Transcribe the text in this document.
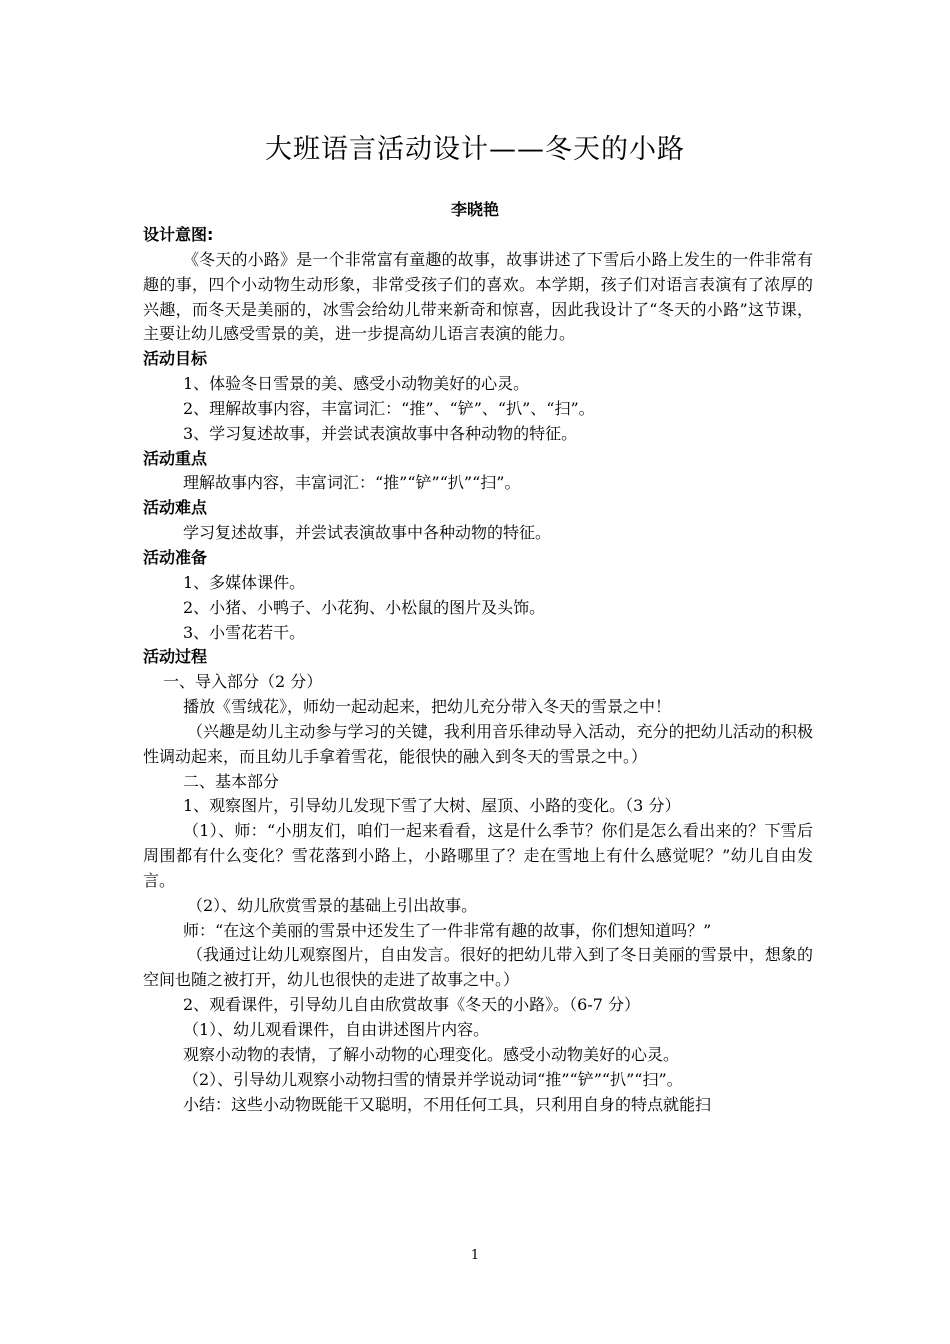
大班语言活动设计——冬天的小路
李晓艳

设计意图:

《冬天的小路》是一个非常富有童趣的故事，故事讲述了下雪后小路上发生的一件非常有趣的事，四个小动物生动形象，非常受孩子们的喜欢。本学期，孩子们对语言表演有了浓厚的兴趣，而冬天是美丽的，冰雪会给幼儿带来新奇和惊喜，因此我设计了“冬天的小路”这节课，主要让幼儿感受雪景的美，进一步提高幼儿语言表演的能力。

活动目标

1、体验冬日雪景的美、感受小动物美好的心灵。

2、理解故事内容，丰富词汇：“推”、“铲”、“扒”、“扫”。

3、学习复述故事，并尝试表演故事中各种动物的特征。

活动重点

理解故事内容，丰富词汇：“推”“铲”“扒”“扫”。

活动难点

学习复述故事，并尝试表演故事中各种动物的特征。

活动准备

1、多媒体课件。

2、小猪、小鸭子、小花狗、小松鼠的图片及头饰。

3、小雪花若干。

活动过程

一、导入部分（2 分）

播放《雪绒花》，师幼一起动起来，把幼儿充分带入冬天的雪景之中！

（兴趣是幼儿主动参与学习的关键，我利用音乐律动导入活动，充分的把幼儿活动的积极性调动起来，而且幼儿手拿着雪花，能很快的融入到冬天的雪景之中。）

二、基本部分

1、观察图片，引导幼儿发现下雪了大树、屋顶、小路的变化。（3 分）

（1）、师：“小朋友们，咱们一起来看看，这是什么季节？你们是怎么看出来的？下雪后周围都有什么变化？雪花落到小路上，小路哪里了？走在雪地上有什么感觉呢？”幼儿自由发言。

（2）、幼儿欣赏雪景的基础上引出故事。

师：“在这个美丽的雪景中还发生了一件非常有趣的故事，你们想知道吗？”

（我通过让幼儿观察图片，自由发言。很好的把幼儿带入到了冬日美丽的雪景中，想象的空间也随之被打开，幼儿也很快的走进了故事之中。）

2、观看课件，引导幼儿自由欣赏故事《冬天的小路》。（6-7 分）

（1）、幼儿观看课件，自由讲述图片内容。

观察小动物的表情，了解小动物的心理变化。感受小动物美好的心灵。

（2）、引导幼儿观察小动物扫雪的情景并学说动词“推”“铲”“扒”“扫”。

小结：这些小动物既能干又聪明，不用任何工具，只利用自身的特点就能扫

1
